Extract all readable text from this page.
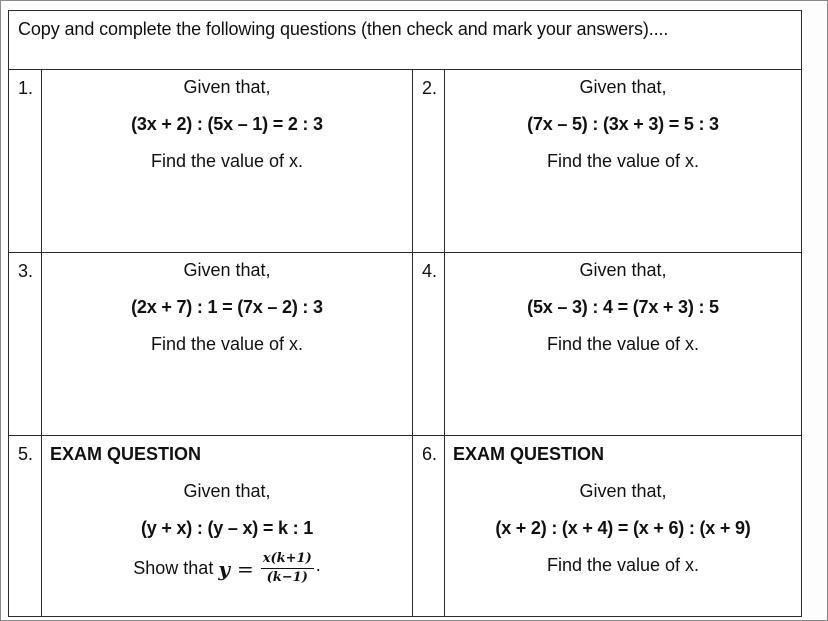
Copy and complete the following questions (then check and mark your answers)....			
1.	Given that,
(3x + 2) : (5x – 1) = 2 : 3
Find the value of x.	2.	Given that,
(7x – 5) : (3x + 3) = 5 : 3
Find the value of x.

3.	Given that,
(2x + 7) : 1 = (7x – 2) : 3
Find the value of x.	4.	Given that,
(5x – 3) : 4 = (7x + 3) : 5
Find the value of x.

5.	EXAM QUESTION
Given that,
(y + x) : (y – x) = k : 1
Show that $y = \frac{x(k+1)}{(k-1)}$ .
	6.	EXAM QUESTION
Given that,
(x + 2) : (x + 4) = (x + 6) : (x + 9)
Find the value of x.
